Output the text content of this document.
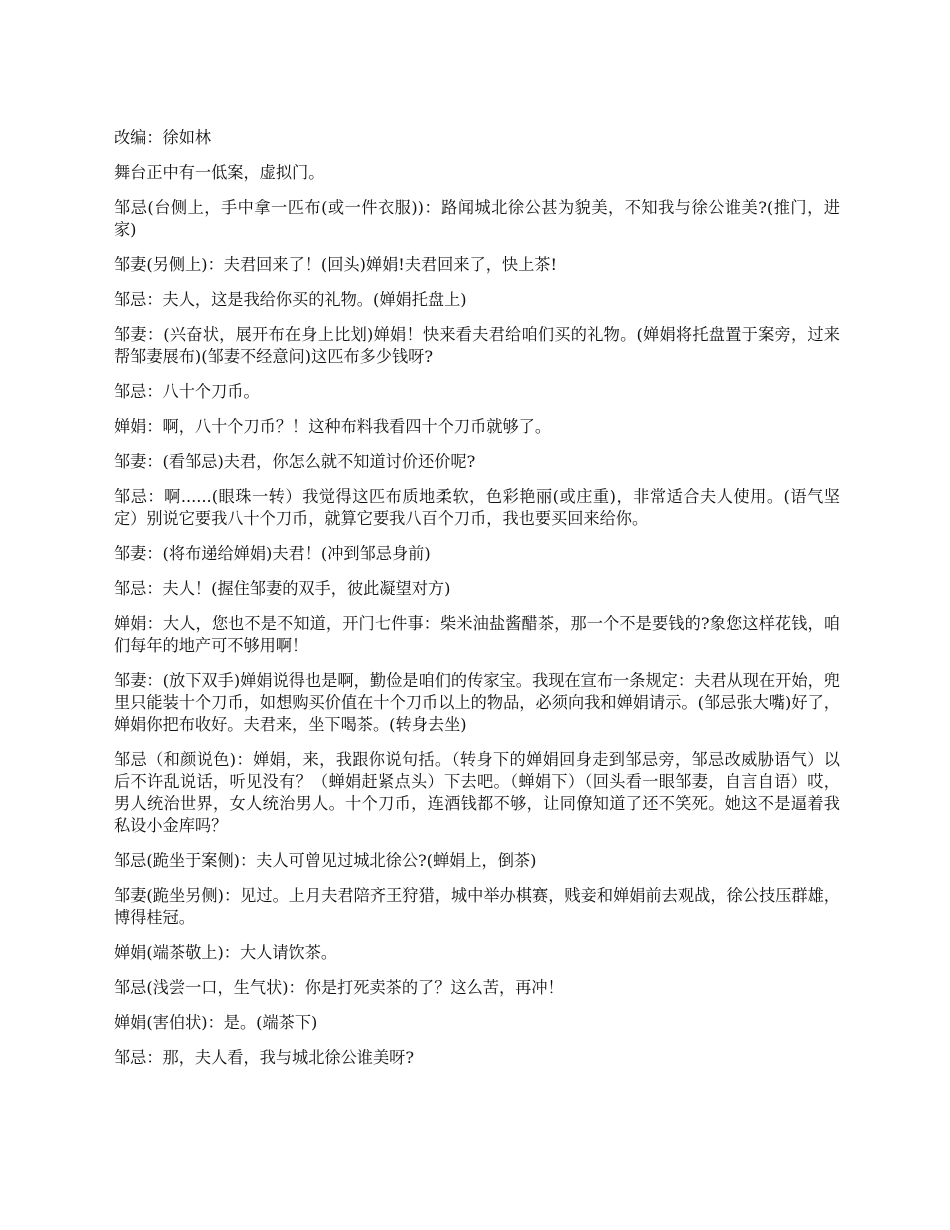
改编：徐如林

舞台正中有一低案，虚拟门。

邹忌(台侧上，手中拿一匹布(或一件衣服))：路闻城北徐公甚为貌美，不知我与徐公谁美?(推门，进家)

邹妻(另侧上)：夫君回来了！(回头)婵娟!夫君回来了，快上茶!

邹忌：夫人，这是我给你买的礼物。(婵娟托盘上)

邹妻：(兴奋状，展开布在身上比划)婵娟！快来看夫君给咱们买的礼物。(婵娟将托盘置于案旁，过来帮邹妻展布)(邹妻不经意问)这匹布多少钱呀?

邹忌：八十个刀币。

婵娟：啊，八十个刀币？！这种布料我看四十个刀币就够了。

邹妻：(看邹忌)夫君，你怎么就不知道讨价还价呢?

邹忌：啊......(眼珠一转）我觉得这匹布质地柔软，色彩艳丽(或庄重)，非常适合夫人使用。(语气坚定）别说它要我八十个刀币，就算它要我八百个刀币，我也要买回来给你。

邹妻：(将布递给婵娟)夫君！(冲到邹忌身前)

邹忌：夫人！(握住邹妻的双手，彼此凝望对方)

婵娟：大人，您也不是不知道，开门七件事：柴米油盐酱醋茶，那一个不是要钱的?象您这样花钱，咱们每年的地产可不够用啊！

邹妻：(放下双手)婵娟说得也是啊，勤俭是咱们的传家宝。我现在宣布一条规定：夫君从现在开始，兜里只能装十个刀币，如想购买价值在十个刀币以上的物品，必须向我和婵娟请示。(邹忌张大嘴)好了，婵娟你把布收好。夫君来，坐下喝茶。(转身去坐)

邹忌（和颜说色)：婵娟，来，我跟你说句括。（转身下的婵娟回身走到邹忌旁，邹忌改威胁语气）以后不许乱说话，听见没有？（蝉娟赶紧点头）下去吧。（蝉娟下）（回头看一眼邹妻，自言自语）哎，男人统治世界，女人统治男人。十个刀币，连酒钱都不够，让同僚知道了还不笑死。她这不是逼着我私设小金库吗？

邹忌(跪坐于案侧)：夫人可曾见过城北徐公?(蝉娟上，倒茶)

邹妻(跪坐另侧)：见过。上月夫君陪齐王狩猎，城中举办棋赛，贱妾和婵娟前去观战，徐公技压群雄，博得桂冠。

婵娟(端茶敬上)：大人请饮茶。

邹忌(浅尝一口，生气状)：你是打死卖茶的了？这么苦，再冲！

婵娟(害伯状)：是。(端茶下)

邹忌：那，夫人看，我与城北徐公谁美呀?
